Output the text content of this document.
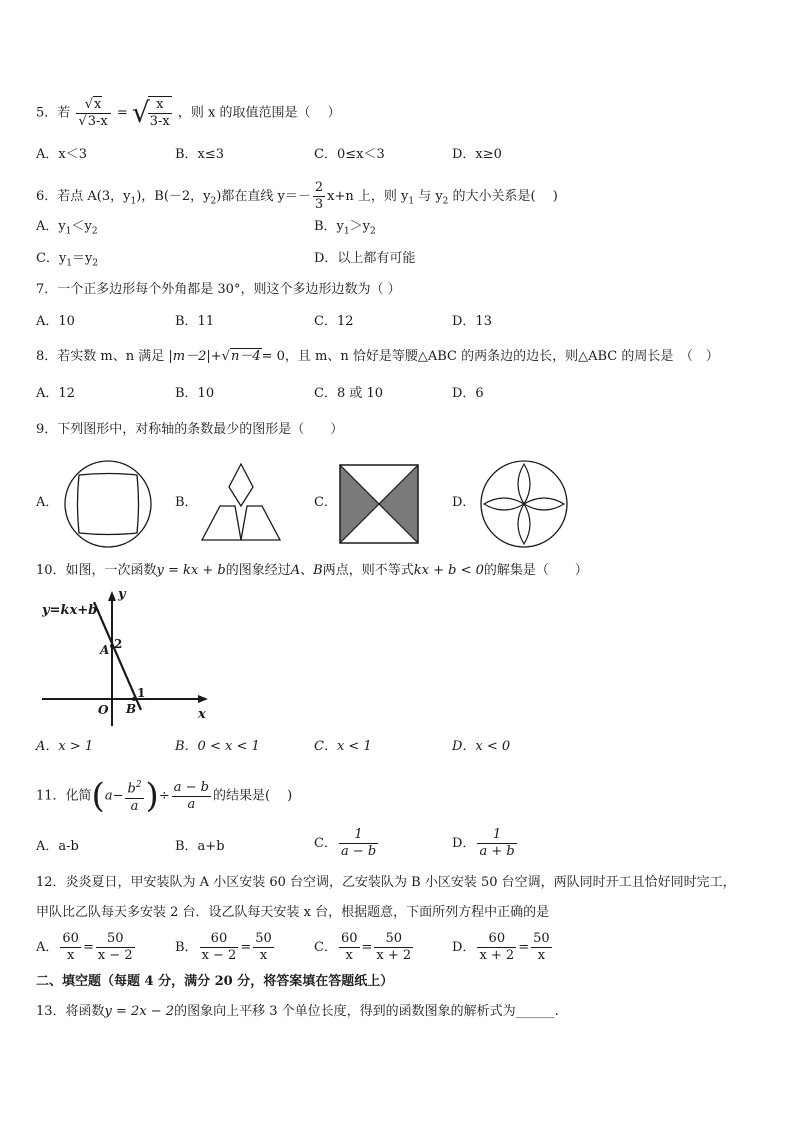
5．若 $\frac{√x}{√3-x}$ = √
$\frac{x}{3-x}$ ，则 x 的取值范围是（　 ）
A．x＜3	B．x≤3	C．0≤x＜3	D．x≥0
6．若点 A(3，$y_1$)，B(－2，$y_2$)都在直线 $y=- \frac{2}{3} x+n$ 上，则 $y_1$ 与 $y_2$ 的大小关系是(　 )
A．$y_1<y_2$	B．$y_1>y_2$
C．$y_1=y_2$	D．以上都有可能
7．一个正多边形每个外角都是 30°，则这个多边形边数为（ ）
A．10	B．11	C．12	D．13
8．若实数 m、n 满足 |m－2|+√n－4= 0，且 m、n 恰好是等腰△ABC 的两条边的边长，则△ABC 的周长是　（　）
A．12	B．10	C．8 或 10	D．6
9．下列图形中，对称轴的条数最少的图形是（　　）
A．	B．	C．	D．
10．如图，一次函数y = kx + b的图象经过A、B两点，则不等式kx + b < 0的解集是（　　）
y=kx+b
y
x
O
A 2
B
1
A．x > 1	B．0 < x < 1	C．x < 1	D．x < 0
11．化简($a- \frac{b^2}{a}$ )÷ $\frac{a - b}{a}$ 的结果是(　 )
A．a-b	B．a+b	C． $\frac{1}{a - b}$	D． $\frac{1}{a + b}$
12．炎炎夏日，甲安装队为 A 小区安装 60 台空调，乙安装队为 B 小区安装 50 台空调，两队同时开工且恰好同时完工，
甲队比乙队每天多安装 2 台．设乙队每天安装 x 台，根据题意，下面所列方程中正确的是
A． $\frac{60}{x} = \frac{50}{x - 2}$	B． $\frac{60}{x - 2} = \frac{50}{x}$	C． $\frac{60}{x} = \frac{50}{x + 2}$	D． $\frac{60}{x + 2} = \frac{50}{x}$
二、填空题（每题 4 分，满分 20 分，将答案填在答题纸上）
13．将函数y = 2x − 2的图象向上平移 3 个单位长度，得到的函数图象的解析式为______.
